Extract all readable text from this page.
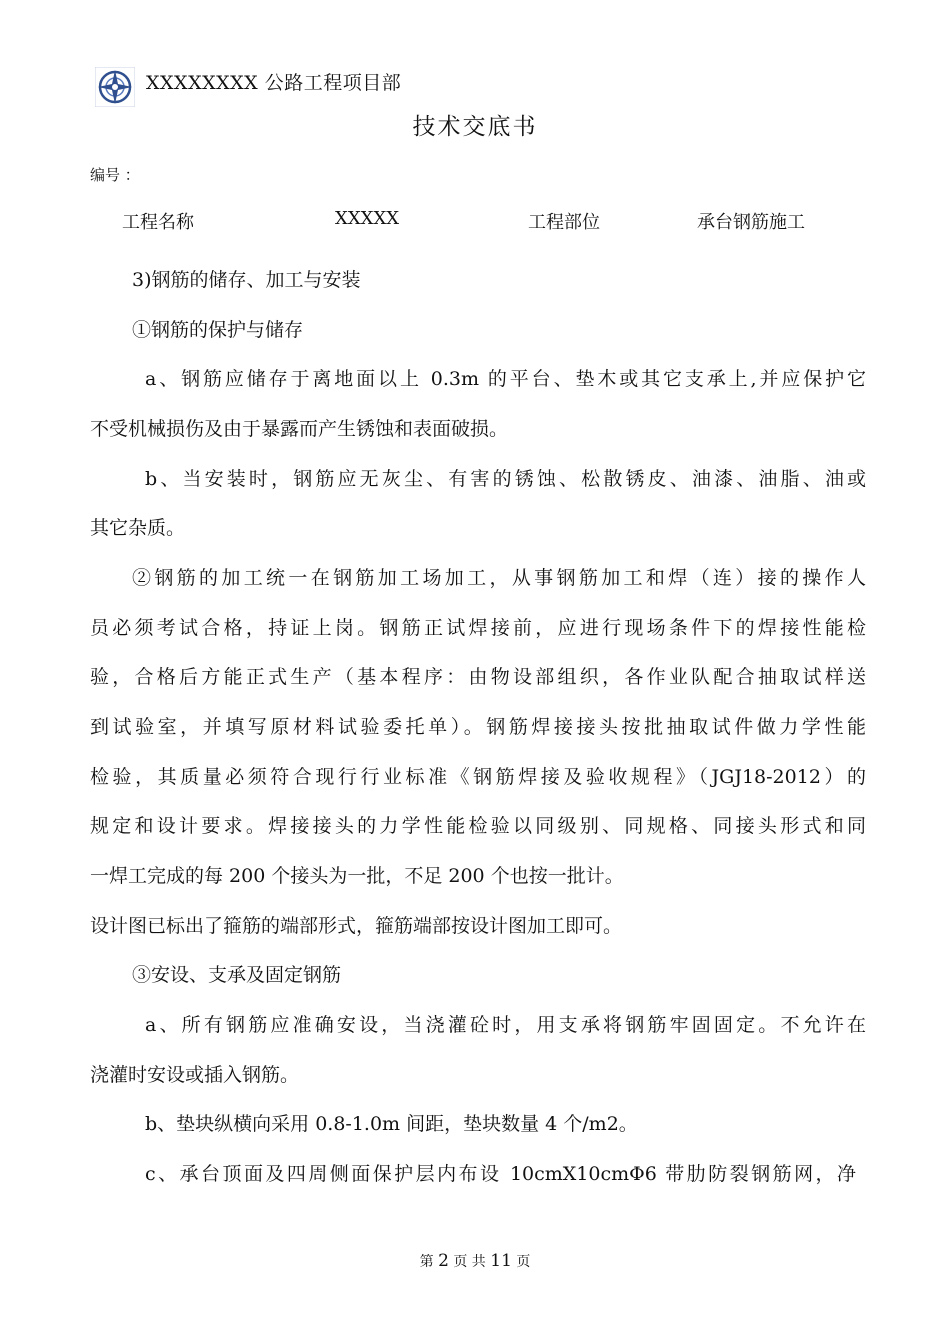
XXXXXXXX 公路工程项目部
技术交底书
编号 ：
工程名称	XXXXX	工程部位	承台钢筋施工
3)钢筋的储存、加工与安装
①钢筋的保护与储存
a、钢筋应储存于离地面以上 0.3m 的平台、垫木或其它支承上,并应保护它
不受机械损伤及由于暴露而产生锈蚀和表面破损。
b、当安装时，钢筋应无灰尘、有害的锈蚀、松散锈皮、油漆、油脂、油或
其它杂质。
②钢筋的加工统一在钢筋加工场加工，从事钢筋加工和焊（连）接的操作人
员必须考试合格，持证上岗。钢筋正试焊接前，应进行现场条件下的焊接性能检
验，合格后方能正式生产（基本程序：由物设部组织，各作业队配合抽取试样送
到试验室，并填写原材料试验委托单）。钢筋焊接接头按批抽取试件做力学性能
检验，其质量必须符合现行行业标准《钢筋焊接及验收规程》（JGJ18-2012）的
规定和设计要求。焊接接头的力学性能检验以同级别、同规格、同接头形式和同
一焊工完成的每 200 个接头为一批，不足 200 个也按一批计。
设计图已标出了箍筋的端部形式，箍筋端部按设计图加工即可。
③安设、支承及固定钢筋
a、所有钢筋应准确安设，当浇灌砼时，用支承将钢筋牢固固定。不允许在
浇灌时安设或插入钢筋。
b、垫块纵横向采用 0.8-1.0m 间距，垫块数量 4 个/m2。
c、承台顶面及四周侧面保护层内布设 10cmX10cmΦ6 带肋防裂钢筋网，净
第 2 页 共 11 页
